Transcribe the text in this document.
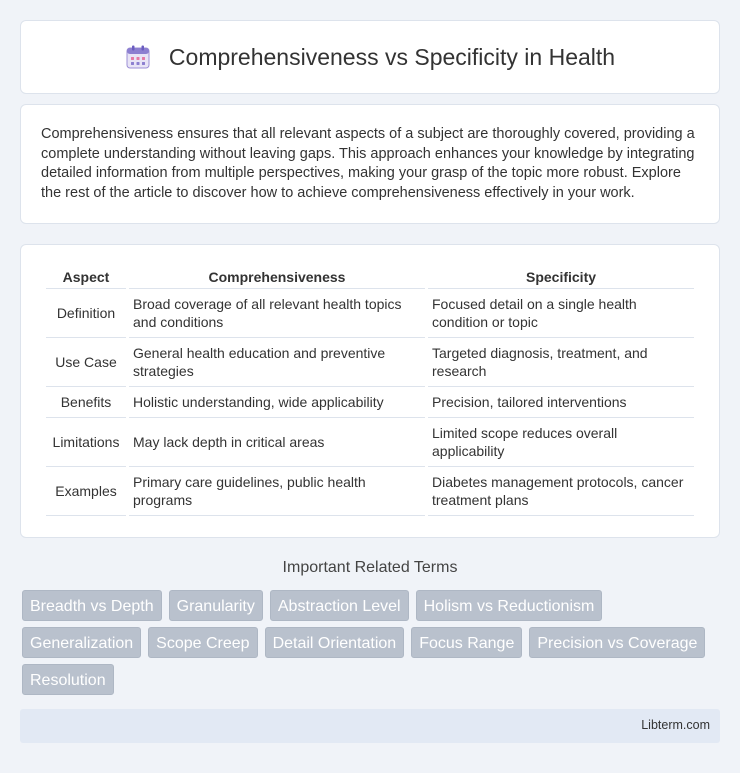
Comprehensiveness vs Specificity in Health

Comprehensiveness ensures that all relevant aspects of a subject are thoroughly covered, providing a complete understanding without leaving gaps. This approach enhances your knowledge by integrating detailed information from multiple perspectives, making your grasp of the topic more robust. Explore the rest of the article to discover how to achieve comprehensiveness effectively in your work.

Aspect	Comprehensiveness	Specificity
Definition	Broad coverage of all relevant health topics and conditions	Focused detail on a single health condition or topic
Use Case	General health education and preventive strategies	Targeted diagnosis, treatment, and research
Benefits	Holistic understanding, wide applicability	Precision, tailored interventions
Limitations	May lack depth in critical areas	Limited scope reduces overall applicability
Examples	Primary care guidelines, public health programs	Diabetes management protocols, cancer treatment plans
Important Related Terms
Breadth vs Depth	Granularity	Abstraction Level	Holism vs Reductionism
Generalization	Scope Creep	Detail Orientation	Focus Range	Precision vs Coverage
Resolution
Libterm.com
